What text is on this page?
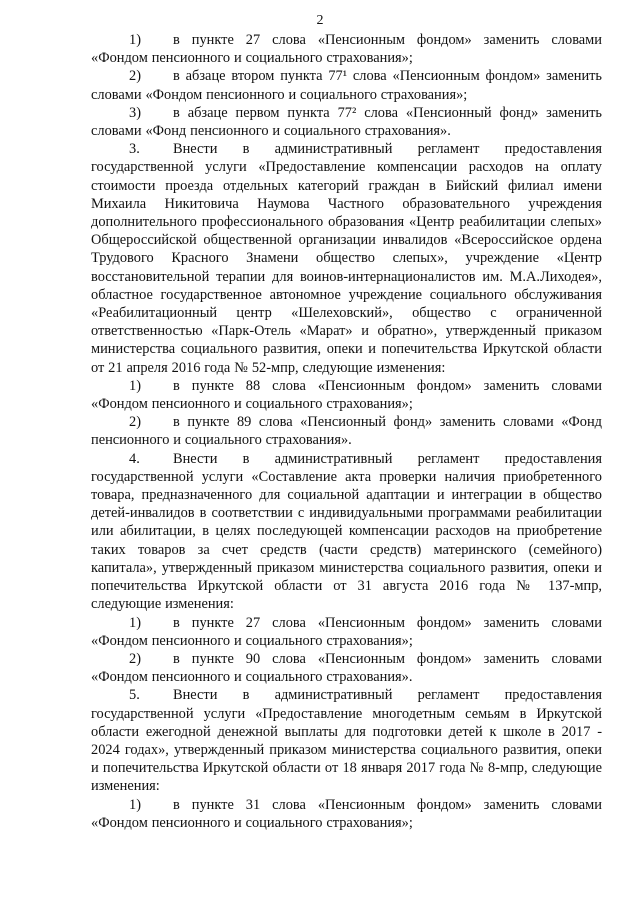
2

1) в пункте 27 слова «Пенсионным фондом» заменить словами «Фондом пенсионного и социального страхования»;

2) в абзаце втором пункта 77¹ слова «Пенсионным фондом» заменить словами «Фондом пенсионного и социального страхования»;

3) в абзаце первом пункта 77² слова «Пенсионный фонд» заменить словами «Фонд пенсионного и социального страхования».

3. Внести в административный регламент предоставления государственной услуги «Предоставление компенсации расходов на оплату стоимости проезда отдельных категорий граждан в Бийский филиал имени Михаила Никитовича Наумова Частного образовательного учреждения дополнительного профессионального образования «Центр реабилитации слепых» Общероссийской общественной организации инвалидов «Всероссийское ордена Трудового Красного Знамени общество слепых», учреждение «Центр восстановительной терапии для воинов-интернационалистов им. М.А.Лиходея», областное государственное автономное учреждение социального обслуживания «Реабилитационный центр «Шелеховский», общество с ограниченной ответственностью «Парк-Отель «Марат» и обратно», утвержденный приказом министерства социального развития, опеки и попечительства Иркутской области от 21 апреля 2016 года № 52-мпр, следующие изменения:

1) в пункте 88 слова «Пенсионным фондом» заменить словами «Фондом пенсионного и социального страхования»;

2) в пункте 89 слова «Пенсионный фонд» заменить словами «Фонд пенсионного и социального страхования».

4. Внести в административный регламент предоставления государственной услуги «Составление акта проверки наличия приобретенного товара, предназначенного для социальной адаптации и интеграции в общество детей-инвалидов в соответствии с индивидуальными программами реабилитации или абилитации, в целях последующей компенсации расходов на приобретение таких товаров за счет средств (части средств) материнского (семейного) капитала», утвержденный приказом министерства социального развития, опеки и попечительства Иркутской области от 31 августа 2016 года № 137-мпр, следующие изменения:

1) в пункте 27 слова «Пенсионным фондом» заменить словами «Фондом пенсионного и социального страхования»;

2) в пункте 90 слова «Пенсионным фондом» заменить словами «Фондом пенсионного и социального страхования».

5. Внести в административный регламент предоставления государственной услуги «Предоставление многодетным семьям в Иркутской области ежегодной денежной выплаты для подготовки детей к школе в 2017 - 2024 годах», утвержденный приказом министерства социального развития, опеки и попечительства Иркутской области от 18 января 2017 года № 8-мпр, следующие изменения:

1) в пункте 31 слова «Пенсионным фондом» заменить словами «Фондом пенсионного и социального страхования»;
